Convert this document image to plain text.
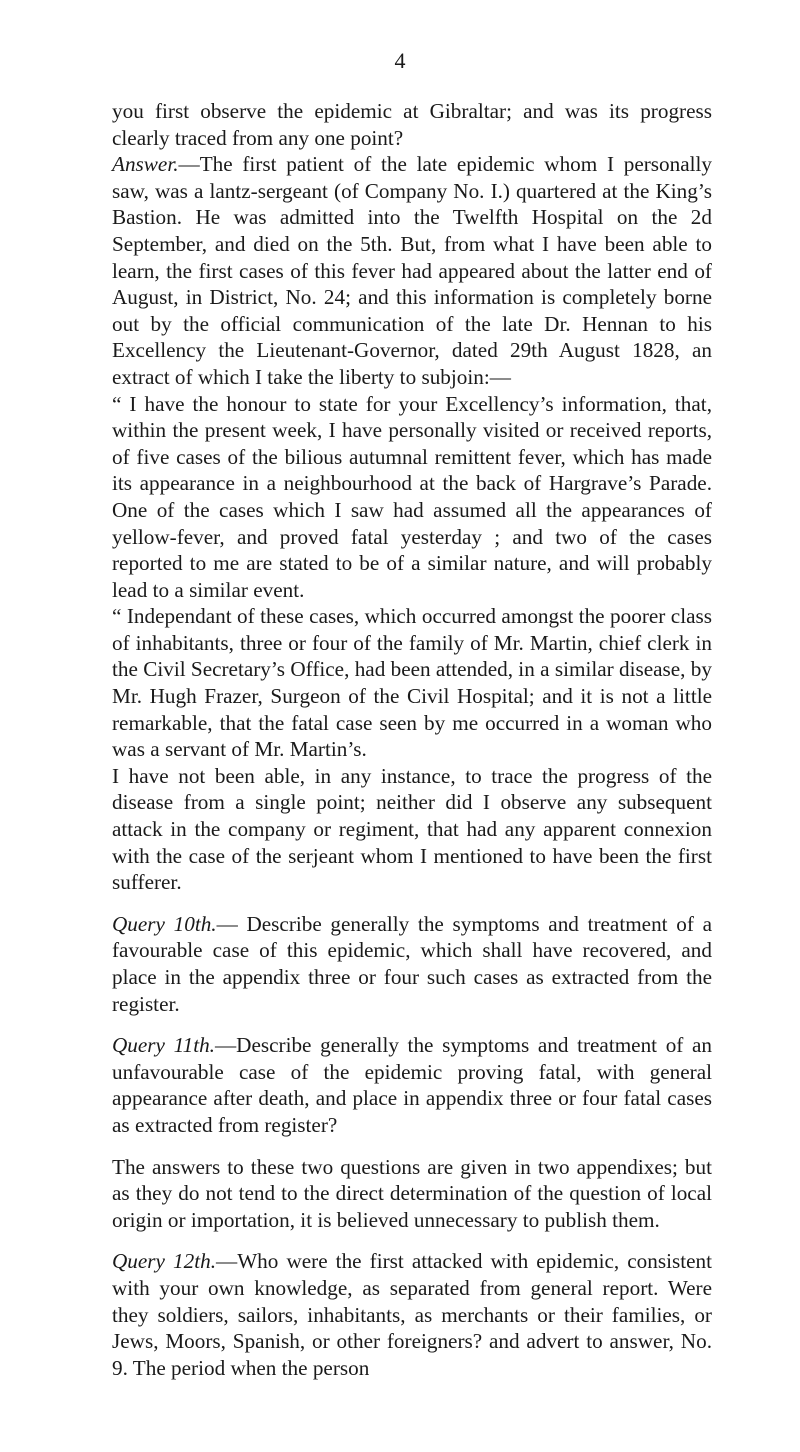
4

you first observe the epidemic at Gibraltar; and was its progress clearly traced from any one point?

Answer.—The first patient of the late epidemic whom I personally saw, was a lantz-sergeant (of Company No. I.) quartered at the King’s Bastion. He was admitted into the Twelfth Hospital on the 2d September, and died on the 5th. But, from what I have been able to learn, the first cases of this fever had appeared about the latter end of August, in District, No. 24; and this information is completely borne out by the official communication of the late Dr. Hennan to his Excellency the Lieutenant-Governor, dated 29th August 1828, an extract of which I take the liberty to subjoin:—

“ I have the honour to state for your Excellency’s information, that, within the present week, I have personally visited or received reports, of five cases of the bilious autumnal remittent fever, which has made its appearance in a neighbourhood at the back of Hargrave’s Parade. One of the cases which I saw had assumed all the appearances of yellow-fever, and proved fatal yesterday ; and two of the cases reported to me are stated to be of a similar nature, and will probably lead to a similar event.

“ Independant of these cases, which occurred amongst the poorer class of inhabitants, three or four of the family of Mr. Martin, chief clerk in the Civil Secretary’s Office, had been attended, in a similar disease, by Mr. Hugh Frazer, Surgeon of the Civil Hospital; and it is not a little remarkable, that the fatal case seen by me occurred in a woman who was a servant of Mr. Martin’s.

I have not been able, in any instance, to trace the progress of the disease from a single point; neither did I observe any subsequent attack in the company or regiment, that had any apparent connexion with the case of the serjeant whom I mentioned to have been the first sufferer.

Query 10th.— Describe generally the symptoms and treatment of a favourable case of this epidemic, which shall have recovered, and place in the appendix three or four such cases as extracted from the register.

Query 11th.—Describe generally the symptoms and treatment of an unfavourable case of the epidemic proving fatal, with general appearance after death, and place in appendix three or four fatal cases as extracted from register?

The answers to these two questions are given in two appendixes; but as they do not tend to the direct determination of the question of local origin or importation, it is believed unnecessary to publish them.

Query 12th.—Who were the first attacked with epidemic, consistent with your own knowledge, as separated from general report. Were they soldiers, sailors, inhabitants, as merchants or their families, or Jews, Moors, Spanish, or other foreigners? and advert to answer, No. 9. The period when the person
